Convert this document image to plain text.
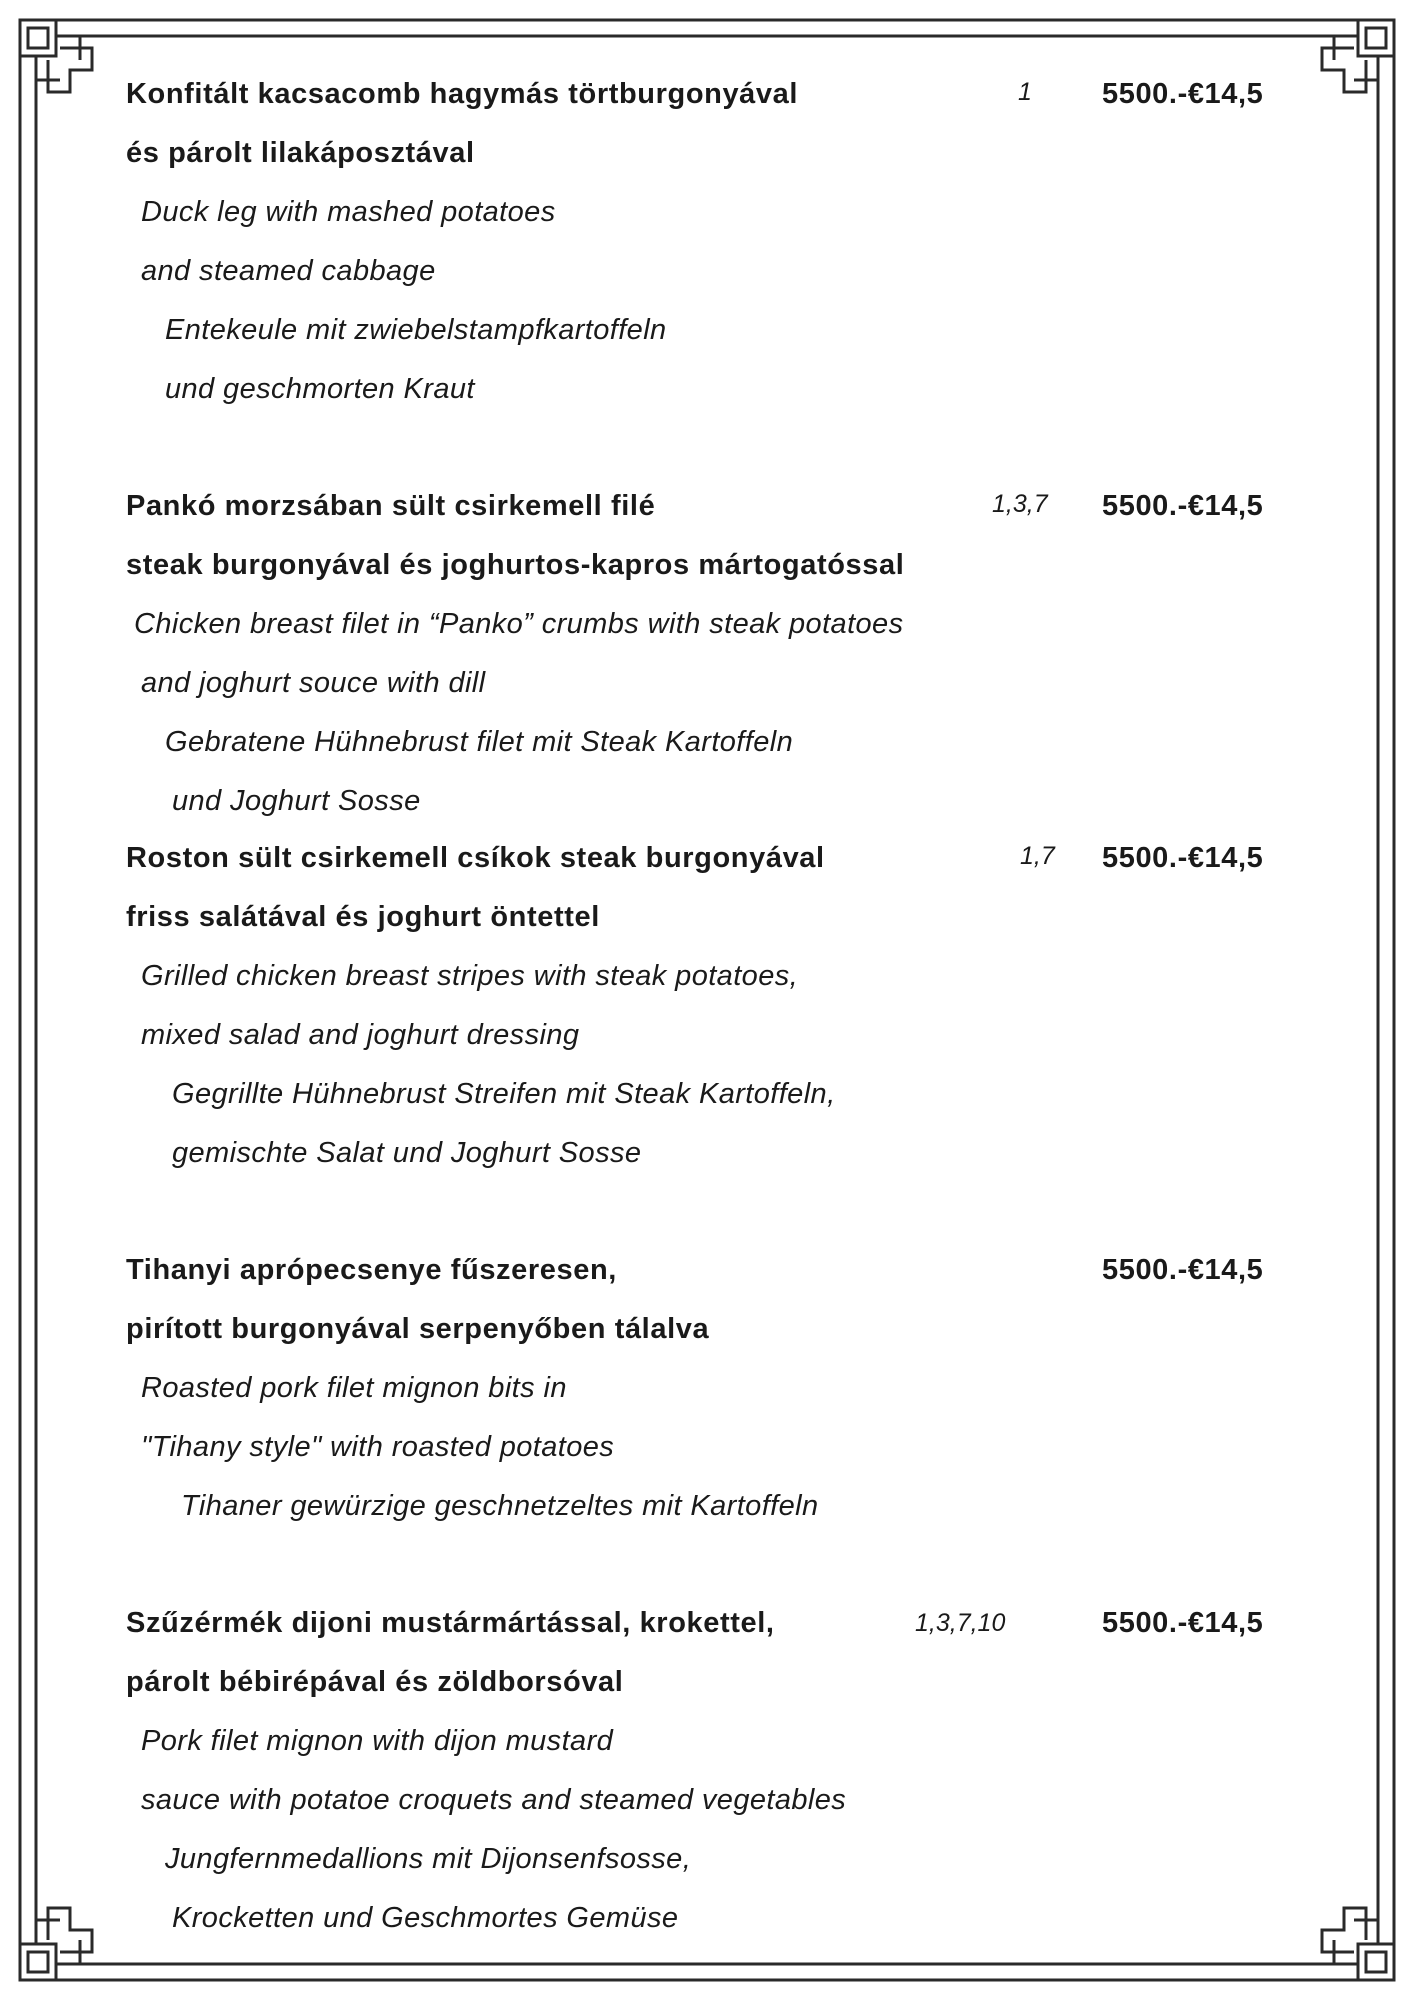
Konfitált kacsacomb hagymás törtburgonyával	1 5500.-€14,5
és párolt lilakáposztával
Duck leg with mashed potatoes
and steamed cabbage
Entekeule mit zwiebelstampfkartoffeln
und geschmorten Kraut
Pankó morzsában sült csirkemell filé	1,3,7 5500.-€14,5
steak burgonyával és joghurtos-kapros mártogatóssal
Chicken breast filet in “Panko” crumbs with steak potatoes
and joghurt souce with dill
Gebratene Hühnebrust filet mit Steak Kartoffeln
und Joghurt Sosse
Roston sült csirkemell csíkok steak burgonyával	1,7 5500.-€14,5
friss salátával és joghurt öntettel
Grilled chicken breast stripes with steak potatoes,
mixed salad and joghurt dressing
Gegrillte Hühnebrust Streifen mit Steak Kartoffeln,
gemischte Salat und Joghurt Sosse
Tihanyi aprópecsenye fűszeresen,	5500.-€14,5
pirított burgonyával serpenyőben tálalva
Roasted pork filet mignon bits in
"Tihany style" with roasted potatoes
Tihaner gewürzige geschnetzeltes mit Kartoffeln
Szűzérmék dijoni mustármártással, krokettel,	1,3,7,10	5500.-€14,5
párolt bébirépával és zöldborsóval
Pork filet mignon with dijon mustard
sauce with potatoe croquets and steamed vegetables
Jungfernmedallions mit Dijonsenfsosse,
Krocketten und Geschmortes Gemüse
